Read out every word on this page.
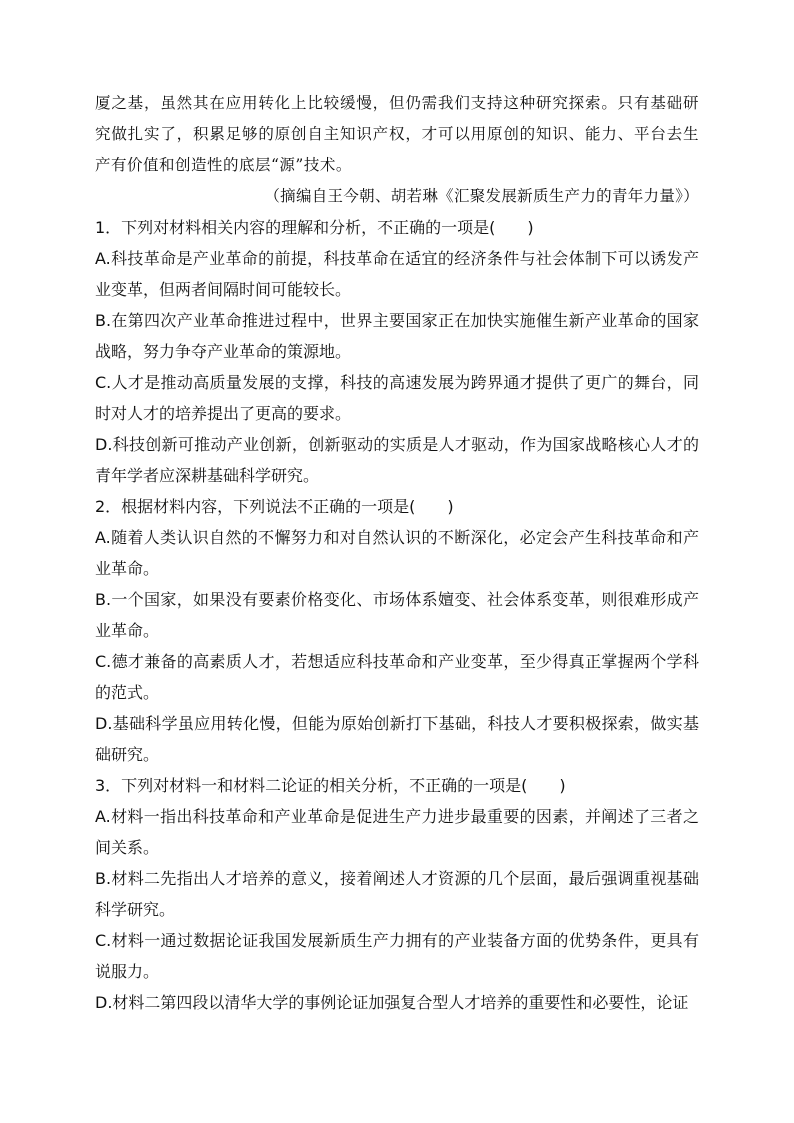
厦之基，虽然其在应用转化上比较缓慢，但仍需我们支持这种研究探索。只有基础研究做扎实了，积累足够的原创自主知识产权，才可以用原创的知识、能力、平台去生产有价值和创造性的底层“源”技术。

（摘编自王今朝、胡若琳《汇聚发展新质生产力的青年力量》）

1．下列对材料相关内容的理解和分析，不正确的一项是(　　)

A.科技革命是产业革命的前提，科技革命在适宜的经济条件与社会体制下可以诱发产业变革，但两者间隔时间可能较长。

B.在第四次产业革命推进过程中，世界主要国家正在加快实施催生新产业革命的国家战略，努力争夺产业革命的策源地。

C.人才是推动高质量发展的支撑，科技的高速发展为跨界通才提供了更广的舞台，同时对人才的培养提出了更高的要求。

D.科技创新可推动产业创新，创新驱动的实质是人才驱动，作为国家战略核心人才的青年学者应深耕基础科学研究。

2．根据材料内容，下列说法不正确的一项是(　　)

A.随着人类认识自然的不懈努力和对自然认识的不断深化，必定会产生科技革命和产业革命。

B.一个国家，如果没有要素价格变化、市场体系嬗变、社会体系变革，则很难形成产业革命。

C.德才兼备的高素质人才，若想适应科技革命和产业变革，至少得真正掌握两个学科的范式。

D.基础科学虽应用转化慢，但能为原始创新打下基础，科技人才要积极探索，做实基础研究。

3．下列对材料一和材料二论证的相关分析，不正确的一项是(　　)

A.材料一指出科技革命和产业革命是促进生产力进步最重要的因素，并阐述了三者之间关系。

B.材料二先指出人才培养的意义，接着阐述人才资源的几个层面，最后强调重视基础科学研究。

C.材料一通过数据论证我国发展新质生产力拥有的产业装备方面的优势条件，更具有说服力。

D.材料二第四段以清华大学的事例论证加强复合型人才培养的重要性和必要性，论证
